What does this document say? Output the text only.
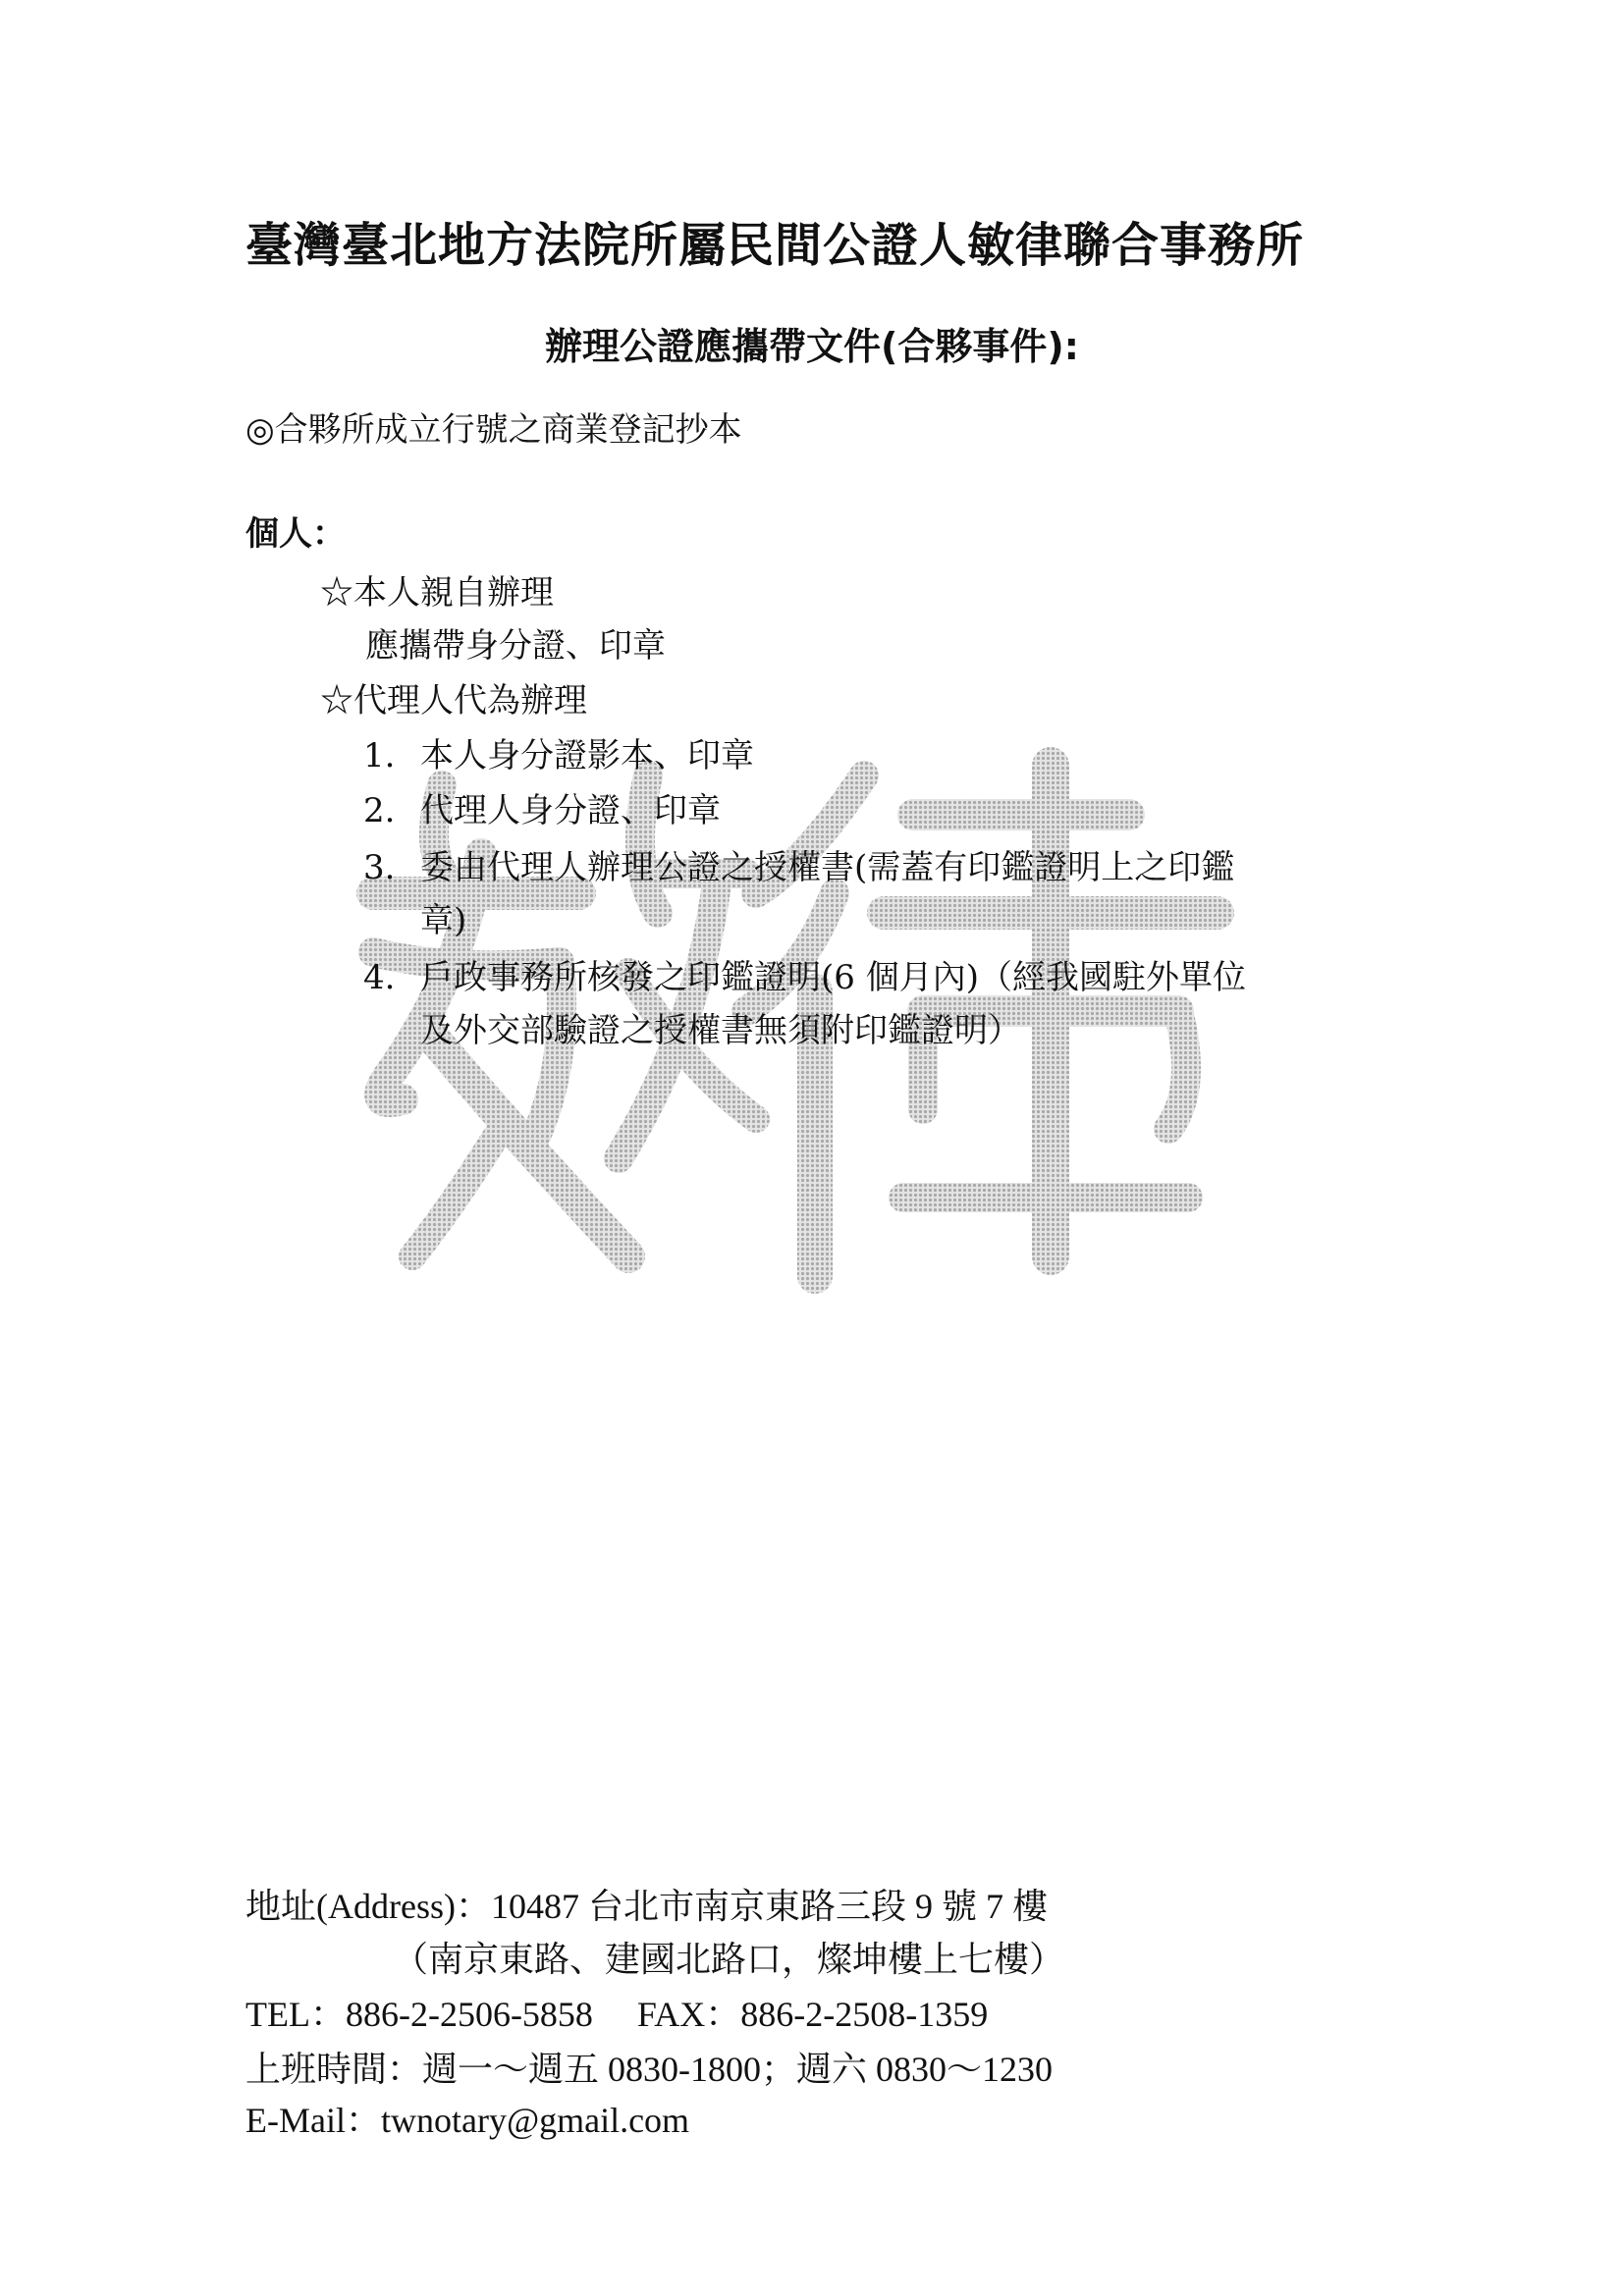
臺灣臺北地方法院所屬民間公證人敏律聯合事務所
辦理公證應攜帶文件(合夥事件):
◎合夥所成立行號之商業登記抄本
個人：
☆本人親自辦理
應攜帶身分證、印章
☆代理人代為辦理
1. 本人身分證影本、印章
2. 代理人身分證、印章
3. 委由代理人辦理公證之授權書(需蓋有印鑑證明上之印鑑
章)
4. 戶政事務所核發之印鑑證明(6 個月內)（經我國駐外單位
及外交部驗證之授權書無須附印鑑證明）
地址(Address)：10487 台北市南京東路三段 9 號 7 樓
（南京東路、建國北路口，燦坤樓上七樓）
TEL：886-2-2506-5858　 FAX：886-2-2508-1359
上班時間：週一～週五 0830-1800；週六 0830～1230
E-Mail：twnotary@gmail.com
